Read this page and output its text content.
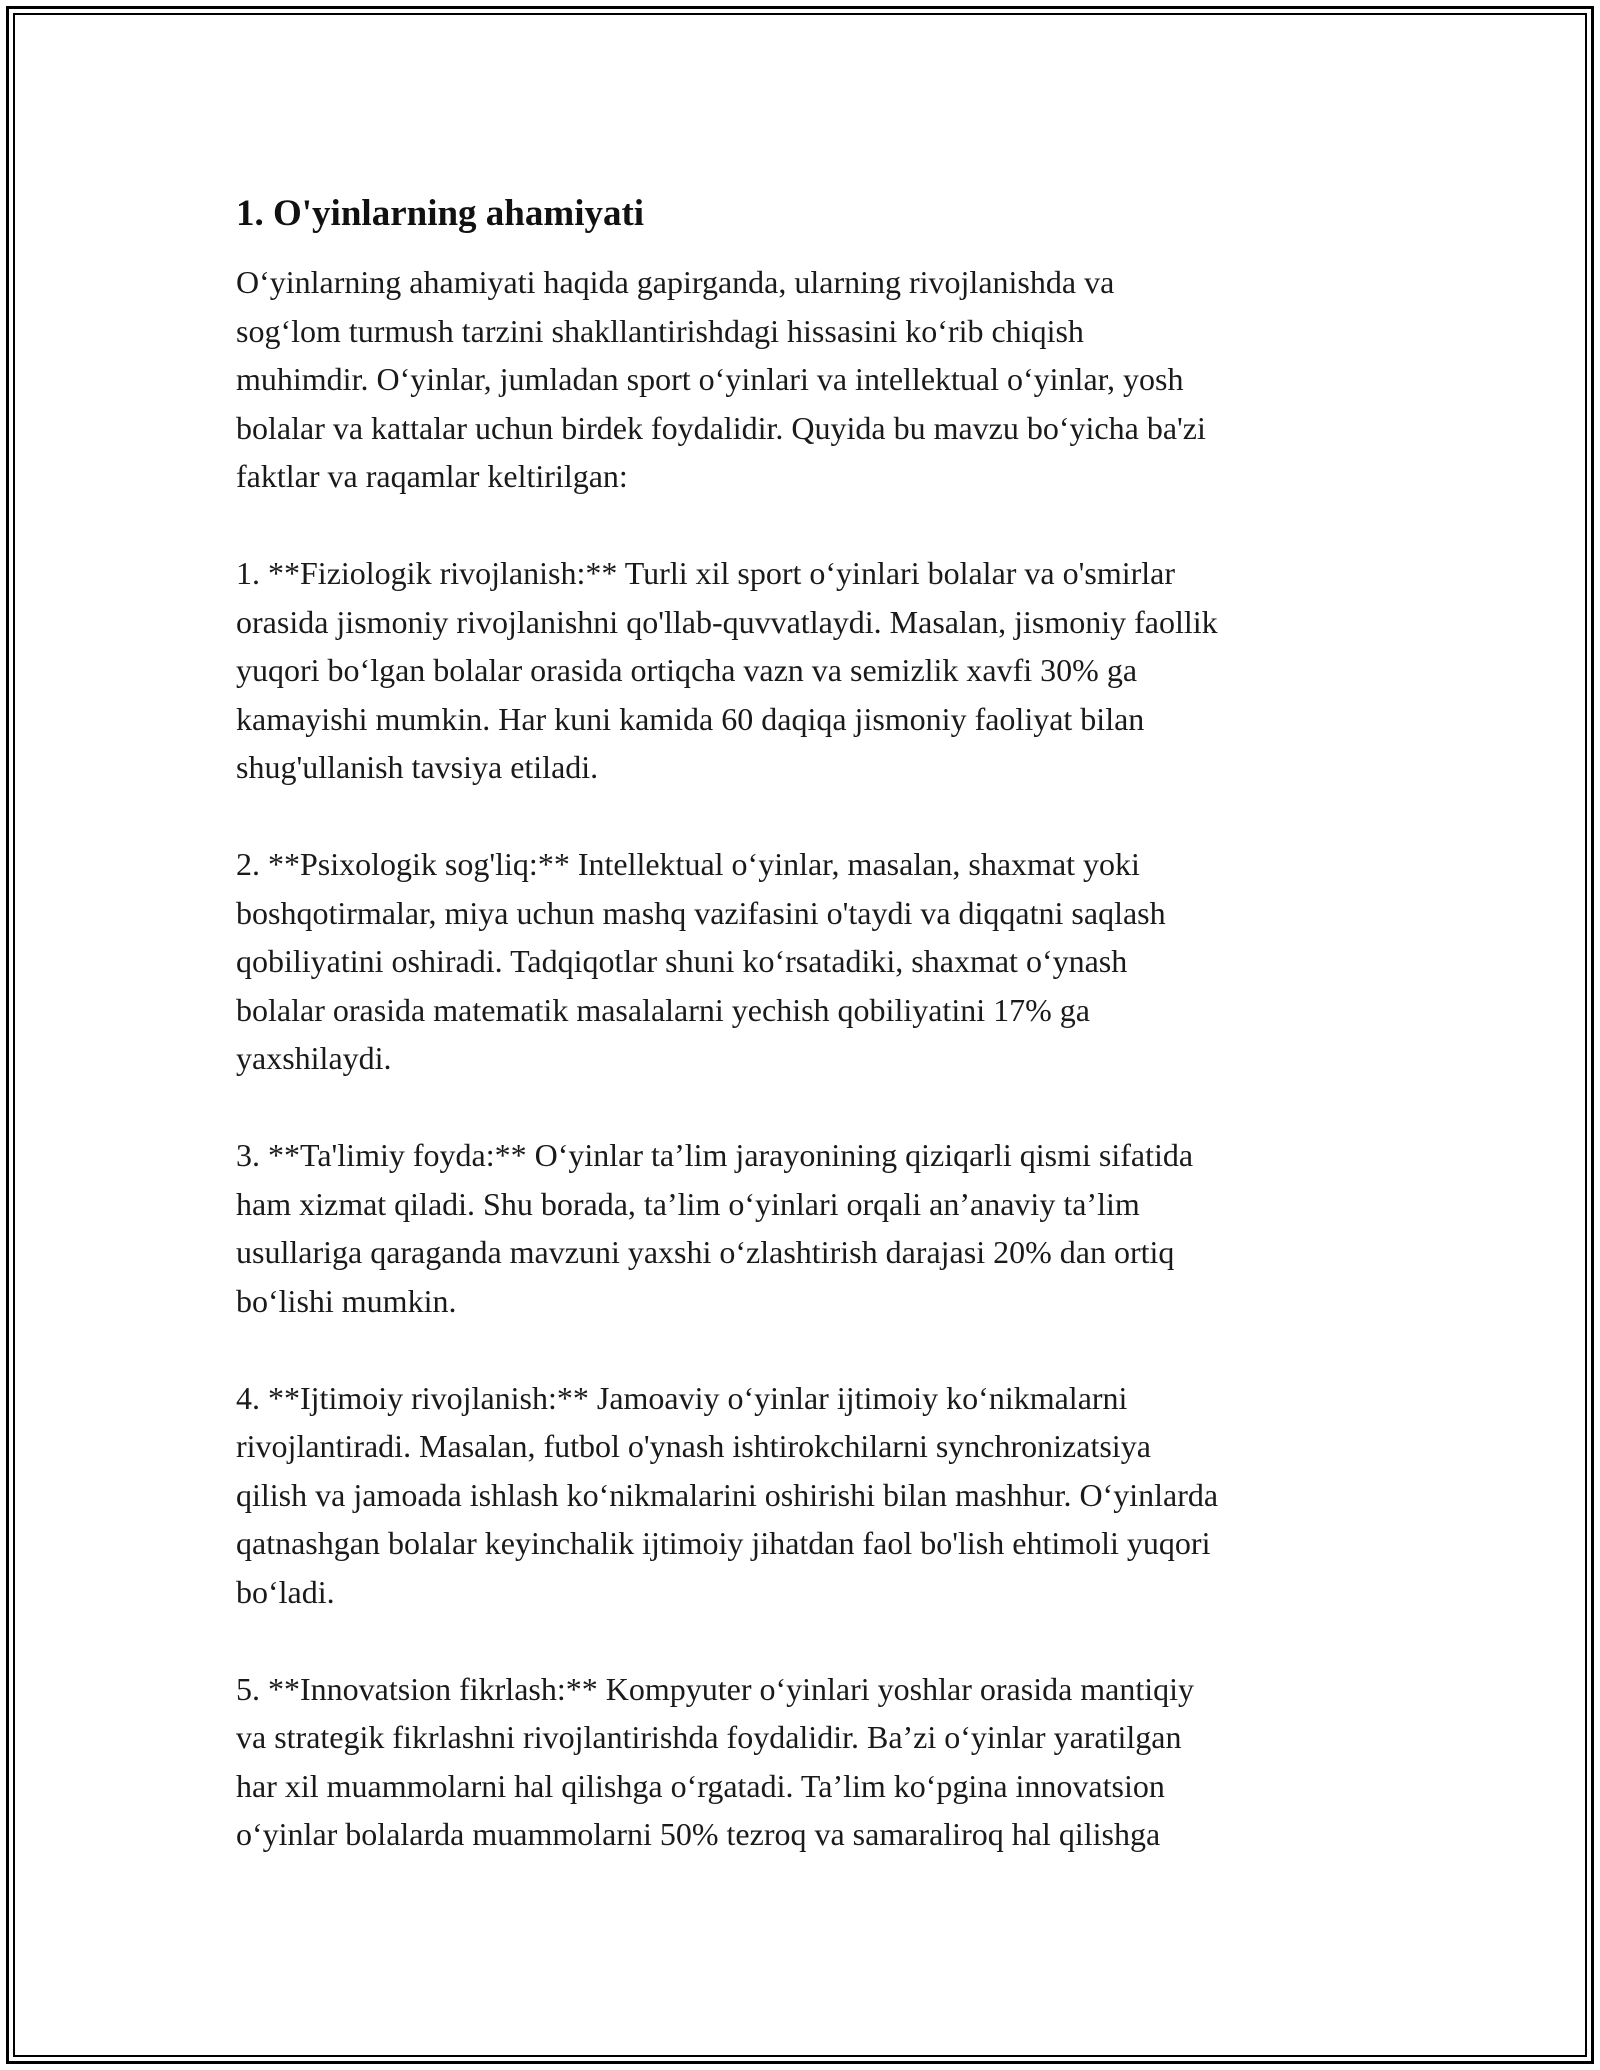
1. O'yinlarning ahamiyati

O‘yinlarning ahamiyati haqida gapirganda, ularning rivojlanishda va
sog‘lom turmush tarzini shakllantirishdagi hissasini ko‘rib chiqish
muhimdir. O‘yinlar, jumladan sport o‘yinlari va intellektual o‘yinlar, yosh
bolalar va kattalar uchun birdek foydalidir. Quyida bu mavzu bo‘yicha ba'zi
faktlar va raqamlar keltirilgan:

1. **Fiziologik rivojlanish:** Turli xil sport o‘yinlari bolalar va o'smirlar
orasida jismoniy rivojlanishni qo'llab-quvvatlaydi. Masalan, jismoniy faollik
yuqori bo‘lgan bolalar orasida ortiqcha vazn va semizlik xavfi 30% ga
kamayishi mumkin. Har kuni kamida 60 daqiqa jismoniy faoliyat bilan
shug'ullanish tavsiya etiladi.

2. **Psixologik sog'liq:** Intellektual o‘yinlar, masalan, shaxmat yoki
boshqotirmalar, miya uchun mashq vazifasini o'taydi va diqqatni saqlash
qobiliyatini oshiradi. Tadqiqotlar shuni ko‘rsatadiki, shaxmat o‘ynash
bolalar orasida matematik masalalarni yechish qobiliyatini 17% ga
yaxshilaydi.

3. **Ta'limiy foyda:** O‘yinlar ta’lim jarayonining qiziqarli qismi sifatida
ham xizmat qiladi. Shu borada, ta’lim o‘yinlari orqali an’anaviy ta’lim
usullariga qaraganda mavzuni yaxshi o‘zlashtirish darajasi 20% dan ortiq
bo‘lishi mumkin.

4. **Ijtimoiy rivojlanish:** Jamoaviy o‘yinlar ijtimoiy ko‘nikmalarni
rivojlantiradi. Masalan, futbol o'ynash ishtirokchilarni synchronizatsiya
qilish va jamoada ishlash ko‘nikmalarini oshirishi bilan mashhur. O‘yinlarda
qatnashgan bolalar keyinchalik ijtimoiy jihatdan faol bo'lish ehtimoli yuqori
bo‘ladi.

5. **Innovatsion fikrlash:** Kompyuter o‘yinlari yoshlar orasida mantiqiy
va strategik fikrlashni rivojlantirishda foydalidir. Ba’zi o‘yinlar yaratilgan
har xil muammolarni hal qilishga o‘rgatadi. Ta’lim ko‘pgina innovatsion
o‘yinlar bolalarda muammolarni 50% tezroq va samaraliroq hal qilishga
